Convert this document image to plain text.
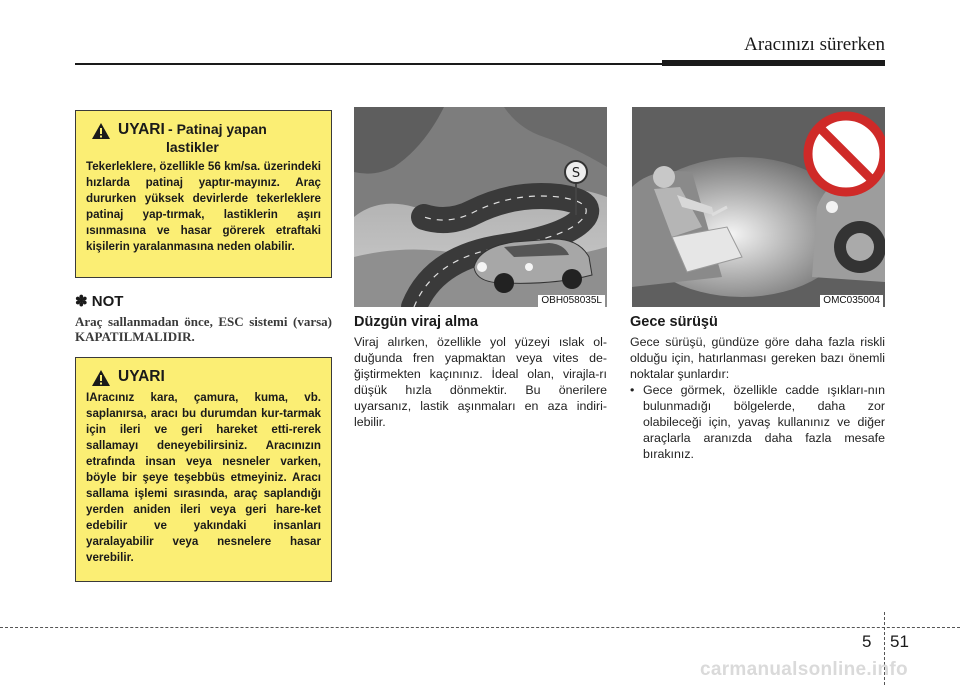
Aracınızı sürerken
UYARI - Patinaj yapan
lastikler
Tekerleklere, özellikle 56 km/sa. üzerindeki hızlarda patinaj yaptır-mayınız. Araç dururken yüksek devirlerde tekerleklere patinaj yap-tırmak, lastiklerin aşırı ısınmasına ve hasar görerek etraftaki kişilerin yaralanmasına neden olabilir.
✽ NOT
Araç sallanmadan önce, ESC sistemi (varsa) KAPATILMALIDIR.
UYARI
IAracınız kara, çamura, kuma, vb. saplanırsa, aracı bu durumdan kur-tarmak için ileri ve geri hareket etti-rerek sallamayı deneyebilirsiniz. Aracınızın etrafında insan veya nesneler varken, böyle bir şeye teşebbüs etmeyiniz. Aracı sallama işlemi sırasında, araç saplandığı yerden aniden ileri veya geri hare-ket edebilir ve yakındaki insanları yaralayabilir veya nesnelere hasar verebilir.
S
OBH058035L	OMC035004
Düzgün viraj alma
Viraj alırken, özellikle yol yüzeyi ıslak ol-duğunda fren yapmaktan veya vites de-ğiştirmekten kaçınınız. İdeal olan, virajla-rı düşük hızla dönmektir. Bu önerilere uyarsanız, lastik aşınmaları en aza indiri-lebilir.
Gece sürüşü
Gece sürüşü, gündüze göre daha fazla riskli olduğu için, hatırlanması gereken bazı önemli noktalar şunlardır:
• Gece görmek, özellikle cadde ışıkları-nın bulunmadığı bölgelerde, daha zor olabileceği için, yavaş kullanınız ve diğer araçlarla aranızda daha fazla mesafe bırakınız.
5 51
carmanualsonline.info
